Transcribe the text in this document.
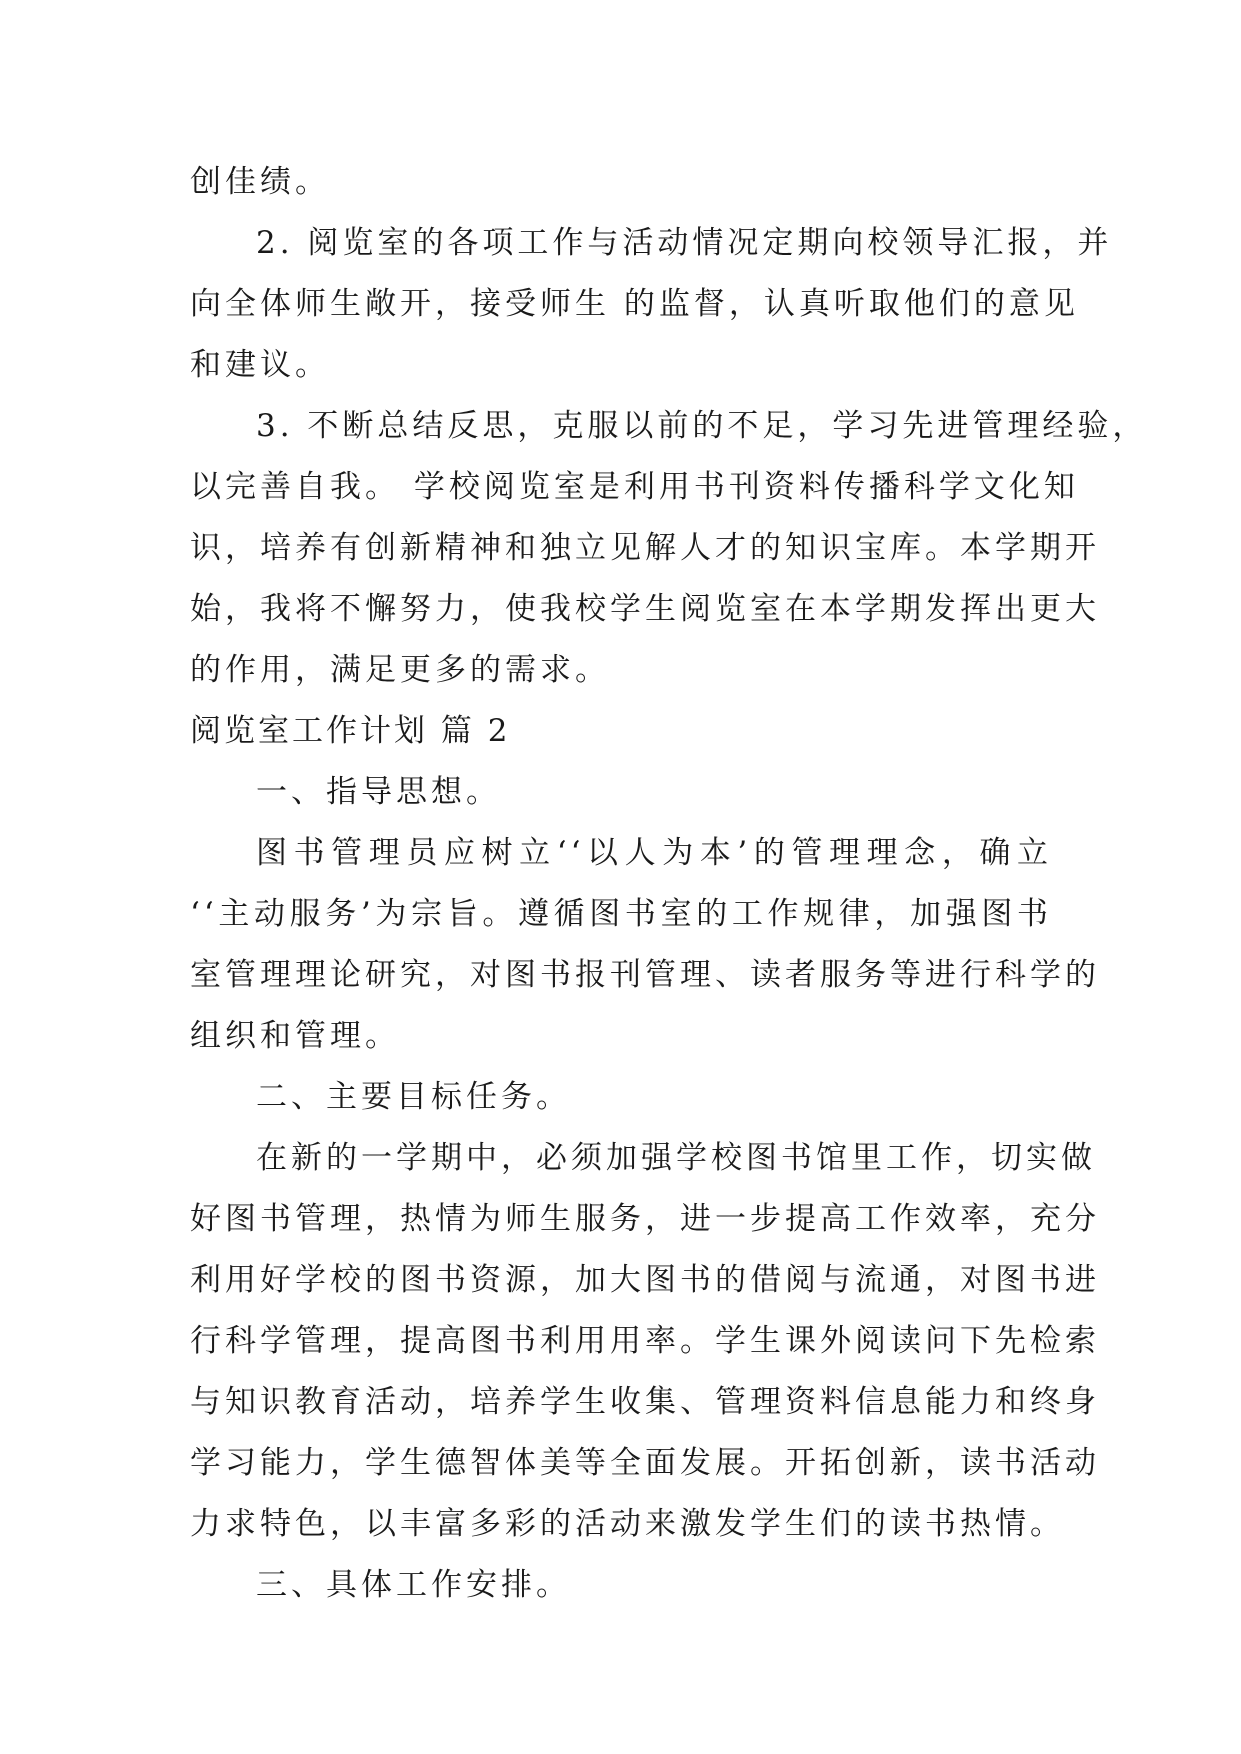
创佳绩。
2. 阅览室的各项工作与活动情况定期向校领导汇报，并
向全体师生敞开，接受师生 的监督，认真听取他们的意见
和建议。
3. 不断总结反思，克服以前的不足，学习先进管理经验，
以完善自我。 学校阅览室是利用书刊资料传播科学文化知
识，培养有创新精神和独立见解人才的知识宝库。本学期开
始，我将不懈努力，使我校学生阅览室在本学期发挥出更大
的作用，满足更多的需求。
阅览室工作计划 篇 2
一、指导思想。
图书管理员应树立‘‘以人为本’的管理理念，确立
‘‘主动服务’为宗旨。遵循图书室的工作规律，加强图书
室管理理论研究，对图书报刊管理、读者服务等进行科学的
组织和管理。
二、主要目标任务。
在新的一学期中，必须加强学校图书馆里工作，切实做
好图书管理，热情为师生服务，进一步提高工作效率，充分
利用好学校的图书资源，加大图书的借阅与流通，对图书进
行科学管理，提高图书利用用率。学生课外阅读问下先检索
与知识教育活动，培养学生收集、管理资料信息能力和终身
学习能力，学生德智体美等全面发展。开拓创新，读书活动
力求特色，以丰富多彩的活动来激发学生们的读书热情。
三、具体工作安排。
